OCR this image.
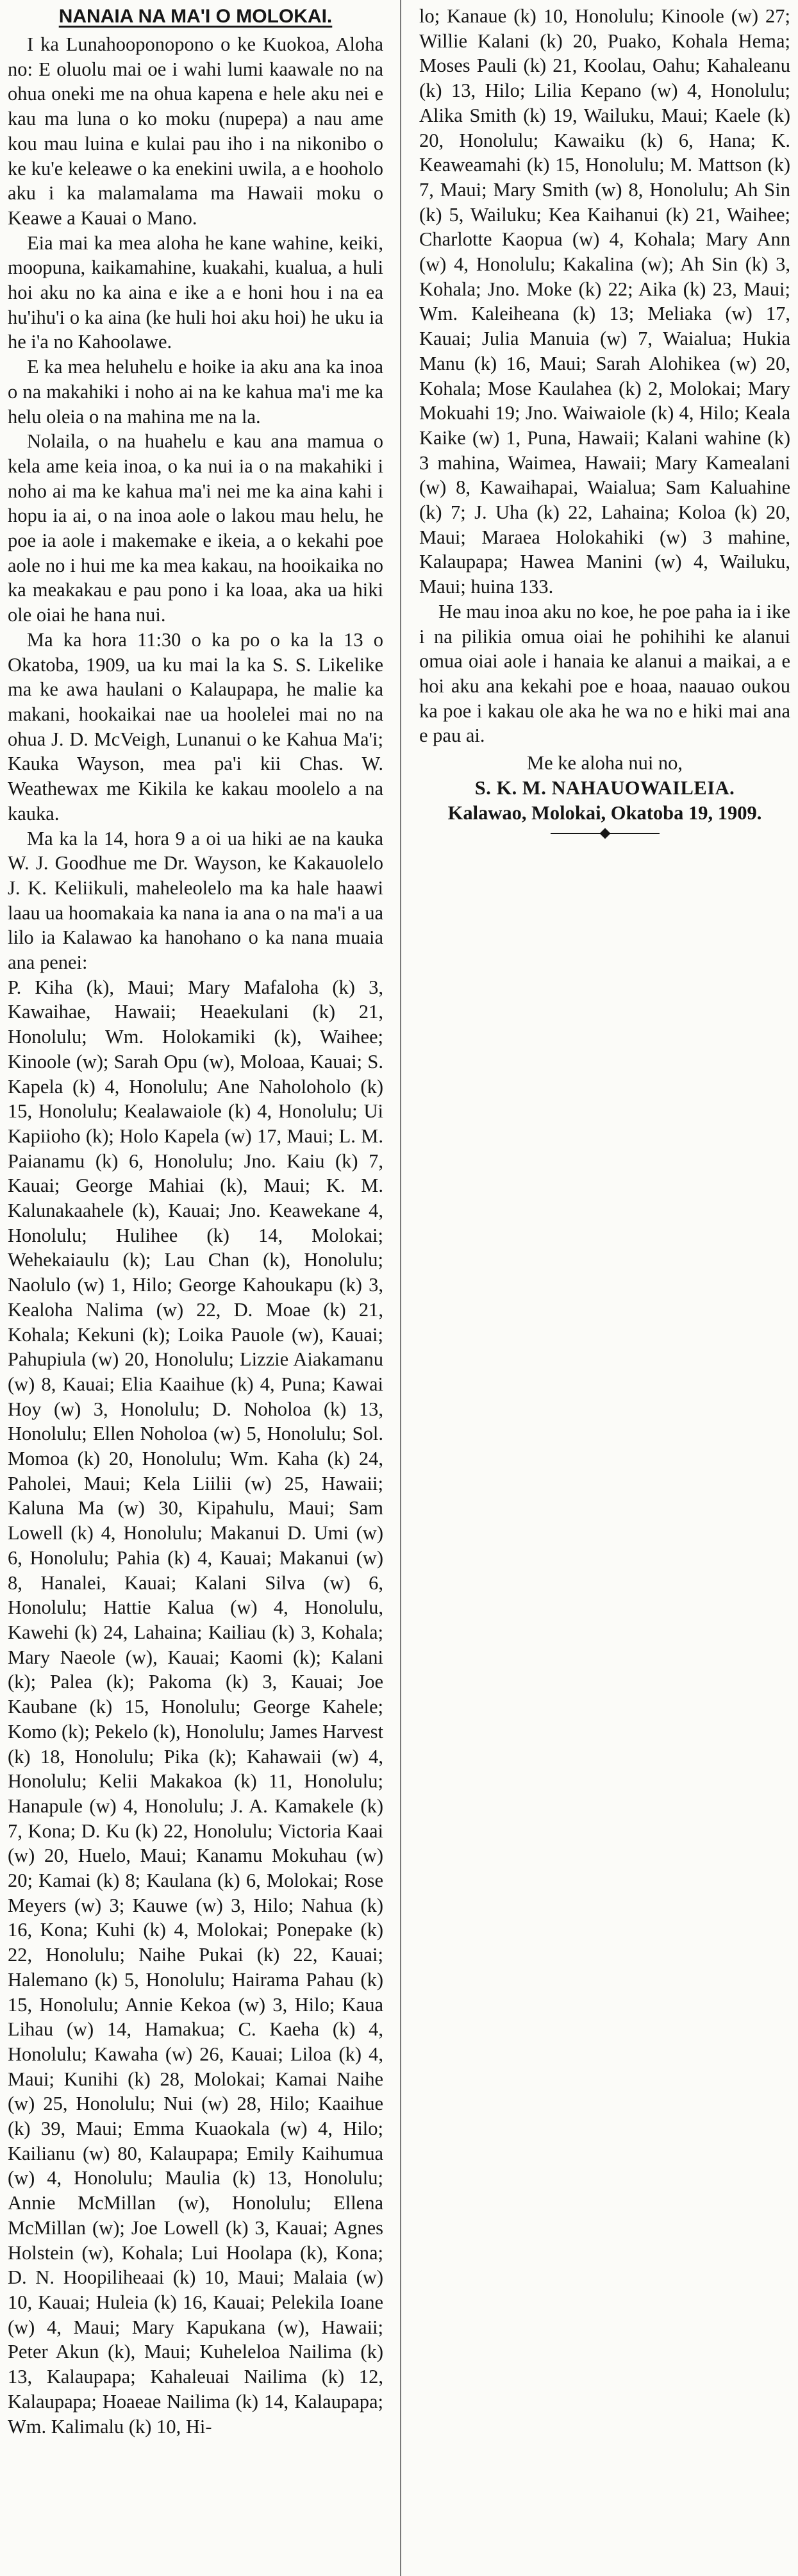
NANAIA NA MA'I O MOLOKAI.

I ka Lunahooponopono o ke Kuokoa, Aloha no: E oluolu mai oe i wahi lumi kaawale no na ohua oneki me na ohua kapena e hele aku nei e kau ma luna o ko moku (nupepa) a nau ame kou mau luina e kulai pau iho i na nikonibo o ke ku'e keleawe o ka enekini uwila, a e hooholo aku i ka malamalama ma Hawaii moku o Keawe a Kauai o Mano.

Eia mai ka mea aloha he kane wahine, keiki, moopuna, kaikamahine, kuakahi, kualua, a huli hoi aku no ka aina e ike a e honi hou i na ea hu'ihu'i o ka aina (ke huli hoi aku hoi) he uku ia he i'a no Kahoolawe.

E ka mea heluhelu e hoike ia aku ana ka inoa o na makahiki i noho ai na ke kahua ma'i me ka helu oleia o na mahina me na la.

Nolaila, o na huahelu e kau ana mamua o kela ame keia inoa, o ka nui ia o na makahiki i noho ai ma ke kahua ma'i nei me ka aina kahi i hopu ia ai, o na inoa aole o lakou mau helu, he poe ia aole i makemake e ikeia, a o kekahi poe aole no i hui me ka mea kakau, na hooikaika no ka meakakau e pau pono i ka loaa, aka ua hiki ole oiai he hana nui.

Ma ka hora 11:30 o ka po o ka la 13 o Okatoba, 1909, ua ku mai la ka S. S. Likelike ma ke awa haulani o Kalaupapa, he malie ka makani, hookaikai nae ua hoolelei mai no na ohua J. D. McVeigh, Lunanui o ke Kahua Ma'i; Kauka Wayson, mea pa'i kii Chas. W. Weathewax me Kikila ke kakau moolelo a na kauka.

Ma ka la 14, hora 9 a oi ua hiki ae na kauka W. J. Goodhue me Dr. Wayson, ke Kakauolelo J. K. Keliikuli, maheleolelo ma ka hale haawi laau ua hoomakaia ka nana ia ana o na ma'i a ua lilo ia Kalawao ka hanohano o ka nana muaia ana penei:

P. Kiha (k), Maui; Mary Mafaloha (k) 3, Kawaihae, Hawaii; Heaekulani (k) 21, Honolulu; Wm. Holokamiki (k), Waihee; Kinoole (w); Sarah Opu (w), Moloaa, Kauai; S. Kapela (k) 4, Honolulu; Ane Naholoholo (k) 15, Honolulu; Kealawaiole (k) 4, Honolulu; Ui Kapiioho (k); Holo Kapela (w) 17, Maui; L. M. Paianamu (k) 6, Honolulu; Jno. Kaiu (k) 7, Kauai; George Mahiai (k), Maui; K. M. Kalunakaahele (k), Kauai; Jno. Keawekane 4, Honolulu; Hulihee (k) 14, Molokai; Wehekaiaulu (k); Lau Chan (k), Honolulu; Naolulo (w) 1, Hilo; George Kahoukapu (k) 3, Kealoha Nalima (w) 22, D. Moae (k) 21, Kohala; Kekuni (k); Loika Pauole (w), Kauai; Pahupiula (w) 20, Honolulu; Lizzie Aiakamanu (w) 8, Kauai; Elia Kaaihue (k) 4, Puna; Kawai Hoy (w) 3, Honolulu; D. Noholoa (k) 13, Honolulu; Ellen Noholoa (w) 5, Honolulu; Sol. Momoa (k) 20, Honolulu; Wm. Kaha (k) 24, Paholei, Maui; Kela Liilii (w) 25, Hawaii; Kaluna Ma (w) 30, Kipahulu, Maui; Sam Lowell (k) 4, Honolulu; Makanui D. Umi (w) 6, Honolulu; Pahia (k) 4, Kauai; Makanui (w) 8, Hanalei, Kauai; Kalani Silva (w) 6, Honolulu; Hattie Kalua (w) 4, Honolulu, Kawehi (k) 24, Lahaina; Kailiau (k) 3, Kohala; Mary Naeole (w), Kauai; Kaomi (k); Kalani (k); Palea (k); Pakoma (k) 3, Kauai; Joe Kaubane (k) 15, Honolulu; George Kahele; Komo (k); Pekelo (k), Honolulu; James Harvest (k) 18, Honolulu; Pika (k); Kahawaii (w) 4, Honolulu; Kelii Makakoa (k) 11, Honolulu; Hanapule (w) 4, Honolulu; J. A. Kamakele (k) 7, Kona; D. Ku (k) 22, Honolulu; Victoria Kaai (w) 20, Huelo, Maui; Kanamu Mokuhau (w) 20; Kamai (k) 8; Kaulana (k) 6, Molokai; Rose Meyers (w) 3; Kauwe (w) 3, Hilo; Nahua (k) 16, Kona; Kuhi (k) 4, Molokai; Ponepake (k) 22, Honolulu; Naihe Pukai (k) 22, Kauai; Halemano (k) 5, Honolulu; Hairama Pahau (k) 15, Honolulu; Annie Kekoa (w) 3, Hilo; Kaua Lihau (w) 14, Hamakua; C. Kaeha (k) 4, Honolulu; Kawaha (w) 26, Kauai; Liloa (k) 4, Maui; Kunihi (k) 28, Molokai; Kamai Naihe (w) 25, Honolulu; Nui (w) 28, Hilo; Kaaihue (k) 39, Maui; Emma Kuaokala (w) 4, Hilo; Kailianu (w) 80, Kalaupapa; Emily Kaihumua (w) 4, Honolulu; Maulia (k) 13, Honolulu; Annie McMillan (w), Honolulu; Ellena McMillan (w); Joe Lowell (k) 3, Kauai; Agnes Holstein (w), Kohala; Lui Hoolapa (k), Kona; D. N. Hoopiliheaai (k) 10, Maui; Malaia (w) 10, Kauai; Huleia (k) 16, Kauai; Pelekila Ioane (w) 4, Maui; Mary Kapukana (w), Hawaii; Peter Akun (k), Maui; Kuheleloa Nailima (k) 13, Kalaupapa; Kahaleuai Nailima (k) 12, Kalaupapa; Hoaeae Nailima (k) 14, Kalaupapa; Wm. Kalimalu (k) 10, Hi-

lo; Kanaue (k) 10, Honolulu; Kinoole (w) 27; Willie Kalani (k) 20, Puako, Kohala Hema; Moses Pauli (k) 21, Koolau, Oahu; Kahaleanu (k) 13, Hilo; Lilia Kepano (w) 4, Honolulu; Alika Smith (k) 19, Wailuku, Maui; Kaele (k) 20, Honolulu; Kawaiku (k) 6, Hana; K. Keaweamahi (k) 15, Honolulu; M. Mattson (k) 7, Maui; Mary Smith (w) 8, Honolulu; Ah Sin (k) 5, Wailuku; Kea Kaihanui (k) 21, Waihee; Charlotte Kaopua (w) 4, Kohala; Mary Ann (w) 4, Honolulu; Kakalina (w); Ah Sin (k) 3, Kohala; Jno. Moke (k) 22; Aika (k) 23, Maui; Wm. Kaleiheana (k) 13; Meliaka (w) 17, Kauai; Julia Manuia (w) 7, Waialua; Hukia Manu (k) 16, Maui; Sarah Alohikea (w) 20, Kohala; Mose Kaulahea (k) 2, Molokai; Mary Mokuahi 19; Jno. Waiwaiole (k) 4, Hilo; Keala Kaike (w) 1, Puna, Hawaii; Kalani wahine (k) 3 mahina, Waimea, Hawaii; Mary Kamealani (w) 8, Kawaihapai, Waialua; Sam Kaluahine (k) 7; J. Uha (k) 22, Lahaina; Koloa (k) 20, Maui; Maraea Holokahiki (w) 3 mahine, Kalaupapa; Hawea Manini (w) 4, Wailuku, Maui; huina 133.

He mau inoa aku no koe, he poe paha ia i ike i na pilikia omua oiai he pohihihi ke alanui omua oiai aole i hanaia ke alanui a maikai, a e hoi aku ana kekahi poe e hoaa, naauao oukou ka poe i kakau ole aka he wa no e hiki mai ana e pau ai.

Me ke aloha nui no,

S. K. M. NAHAUOWAILEIA.

Kalawao, Molokai, Okatoba 19, 1909.
